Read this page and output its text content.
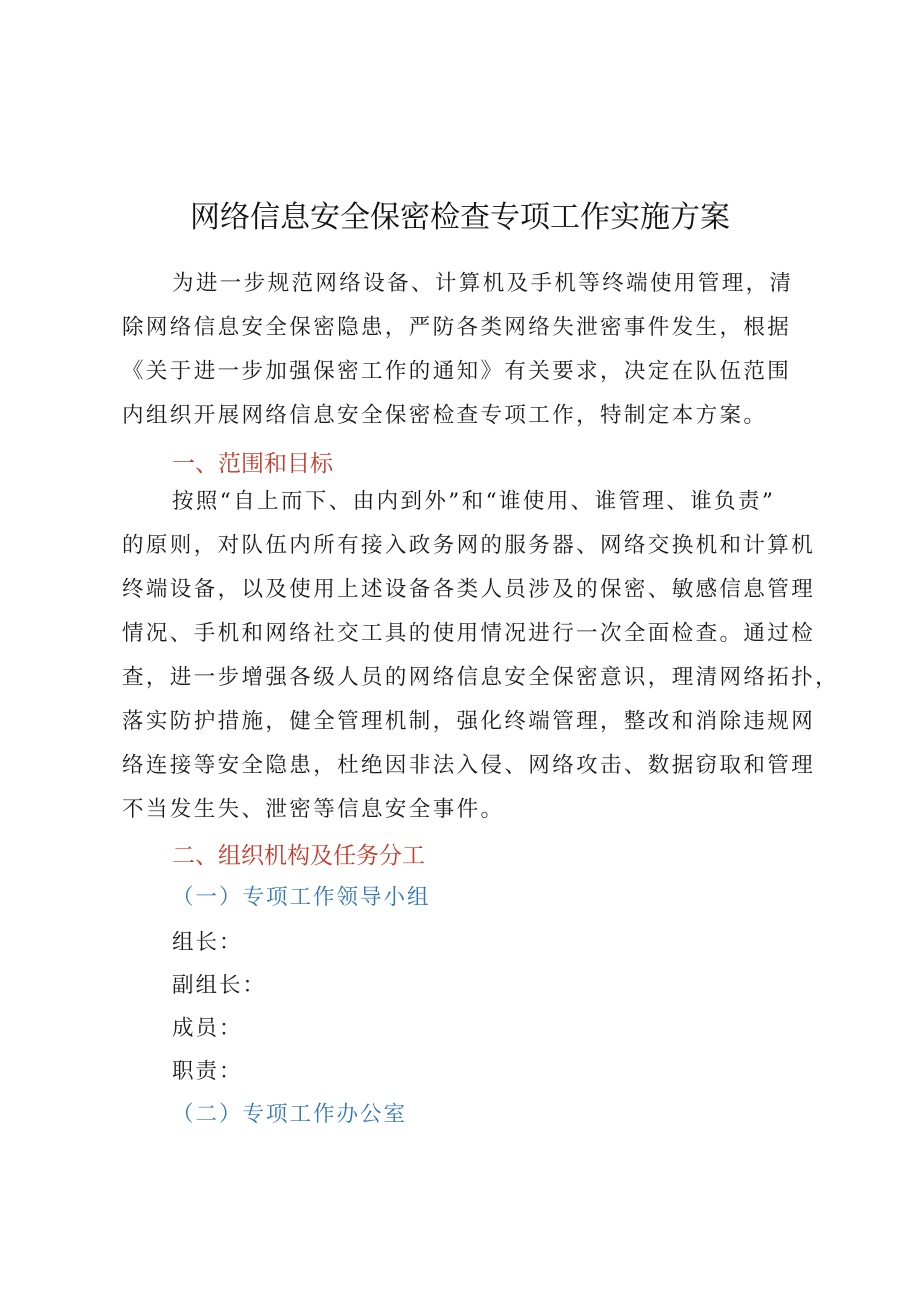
网络信息安全保密检查专项工作实施方案
为进一步规范网络设备、计算机及手机等终端使用管理，清
除网络信息安全保密隐患，严防各类网络失泄密事件发生，根据
《关于进一步加强保密工作的通知》有关要求，决定在队伍范围
内组织开展网络信息安全保密检查专项工作，特制定本方案。
一、范围和目标
按照“自上而下、由内到外”和“谁使用、谁管理、谁负责”
的原则，对队伍内所有接入政务网的服务器、网络交换机和计算机
终端设备，以及使用上述设备各类人员涉及的保密、敏感信息管理
情况、手机和网络社交工具的使用情况进行一次全面检查。通过检
查，进一步增强各级人员的网络信息安全保密意识，理清网络拓扑，
落实防护措施，健全管理机制，强化终端管理，整改和消除违规网
络连接等安全隐患，杜绝因非法入侵、网络攻击、数据窃取和管理
不当发生失、泄密等信息安全事件。
二、组织机构及任务分工
（一）专项工作领导小组
组长：
副组长：
成员：
职责：
（二）专项工作办公室
